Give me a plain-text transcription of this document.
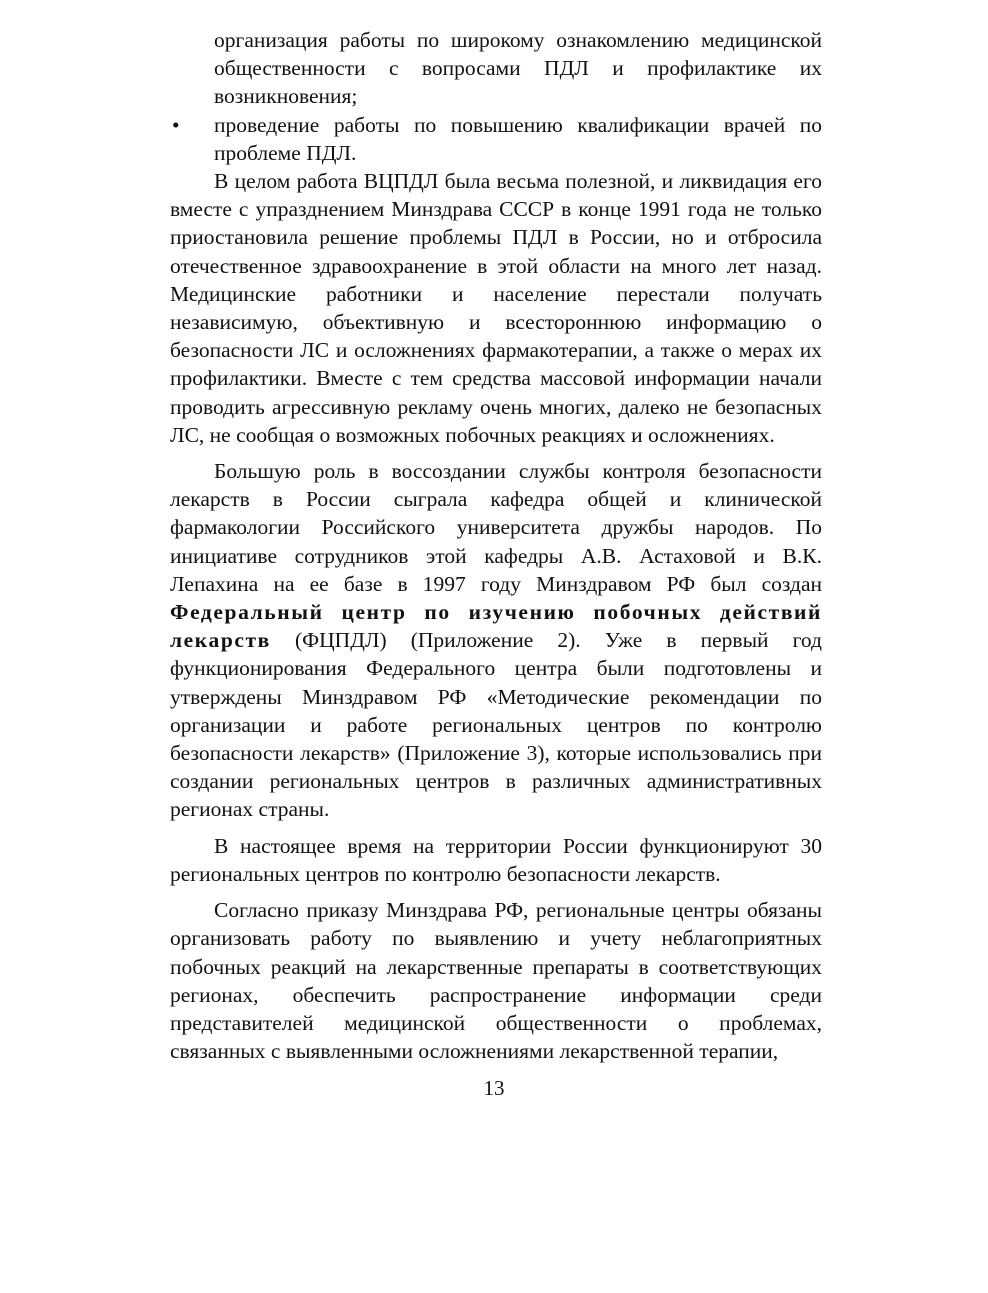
организация работы по широкому ознакомлению медицинской общественности с вопросами ПДЛ и профилактике их возникновения;
• проведение работы по повышению квалификации врачей по проблеме ПДЛ.

В целом работа ВЦПДЛ была весьма полезной, и ликвидация его вместе с упразднением Минздрава СССР в конце 1991 года не только приостановила решение проблемы ПДЛ в России, но и отбросила отечественное здравоохранение в этой области на много лет назад. Медицинские работники и население перестали получать независимую, объективную и всестороннюю информацию о безопасности ЛС и осложнениях фармакотерапии, а также о мерах их профилактики. Вместе с тем средства массовой информации начали проводить агрессивную рекламу очень многих, далеко не безопасных ЛС, не сообщая о возможных побочных реакциях и осложнениях.

Большую роль в воссоздании службы контроля безопасности лекарств в России сыграла кафедра общей и клинической фармакологии Российского университета дружбы народов. По инициативе сотрудников этой кафедры А.В. Астаховой и В.К. Лепахина на ее базе в 1997 году Минздравом РФ был создан Федеральный центр по изучению побочных действий лекарств (ФЦПДЛ) (Приложение 2). Уже в первый год функционирования Федерального центра были подготовлены и утверждены Минздравом РФ «Методические рекомендации по организации и работе региональных центров по контролю безопасности лекарств» (Приложение 3), которые использовались при создании региональных центров в различных административных регионах страны.

В настоящее время на территории России функционируют 30 региональных центров по контролю безопасности лекарств.

Согласно приказу Минздрава РФ, региональные центры обязаны организовать работу по выявлению и учету неблагоприятных побочных реакций на лекарственные препараты в соответствующих регионах, обеспечить распространение информации среди представителей медицинской общественности о проблемах, связанных с выявленными осложнениями лекарственной терапии,

13
